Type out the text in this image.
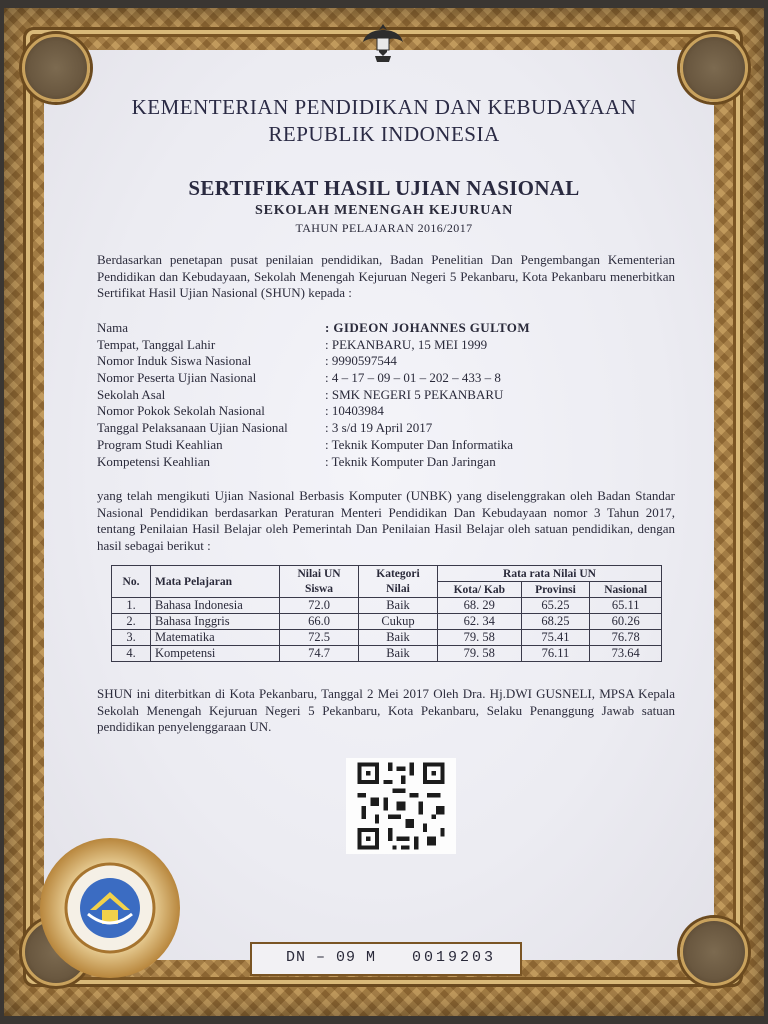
KEMENTERIAN PENDIDIKAN DAN KEBUDAYAAN
REPUBLIK INDONESIA
SERTIFIKAT HASIL UJIAN NASIONAL
SEKOLAH MENENGAH KEJURUAN
TAHUN PELAJARAN 2016/2017
Berdasarkan penetapan pusat penilaian pendidikan, Badan Penelitian Dan Pengembangan Kementerian Pendidikan dan Kebudayaan, Sekolah Menengah Kejuruan Negeri 5 Pekanbaru, Kota Pekanbaru menerbitkan Sertifikat Hasil Ujian Nasional (SHUN) kepada :
Nama	: GIDEON JOHANNES GULTOM
Tempat, Tanggal Lahir	: PEKANBARU, 15 MEI 1999
Nomor Induk Siswa Nasional	: 9990597544
Nomor Peserta Ujian Nasional	: 4 – 17 – 09 – 01 – 202 – 433 – 8
Sekolah Asal	: SMK NEGERI 5 PEKANBARU
Nomor Pokok Sekolah Nasional	: 10403984
Tanggal Pelaksanaan Ujian Nasional	: 3 s/d 19 April 2017
Program Studi Keahlian	: Teknik Komputer Dan Informatika
Kompetensi Keahlian	: Teknik Komputer Dan Jaringan
yang telah mengikuti Ujian Nasional Berbasis Komputer (UNBK) yang diselenggrakan oleh Badan Standar Nasional Pendidikan berdasarkan Peraturan Menteri Pendidikan Dan Kebudayaan nomor 3 Tahun 2017, tentang Penilaian Hasil Belajar oleh Pemerintah Dan Penilaian Hasil Belajar oleh satuan pendidikan, dengan hasil sebagai berikut :
No.	Mata Pelajaran	Nilai UN	Kategori	Rata rata Nilai UN		
		Siswa	Nilai	Kota/ Kab	Provinsi	Nasional
1.	Bahasa Indonesia	72.0	Baik	68. 29	65.25	65.11
2.	Bahasa Inggris	66.0	Cukup	62. 34	68.25	60.26
3.	Matematika	72.5	Baik	79. 58	75.41	76.78
4.	Kompetensi	74.7	Baik	79. 58	76.11	73.64
SHUN ini diterbitkan di Kota Pekanbaru, Tanggal 2 Mei 2017 Oleh Dra. Hj.DWI GUSNELI, MPSA Kepala Sekolah Menengah Kejuruan Negeri 5 Pekanbaru, Kota Pekanbaru, Selaku Penanggung Jawab satuan pendidikan penyelenggaraan UN.
DN – 09 M 0019203
